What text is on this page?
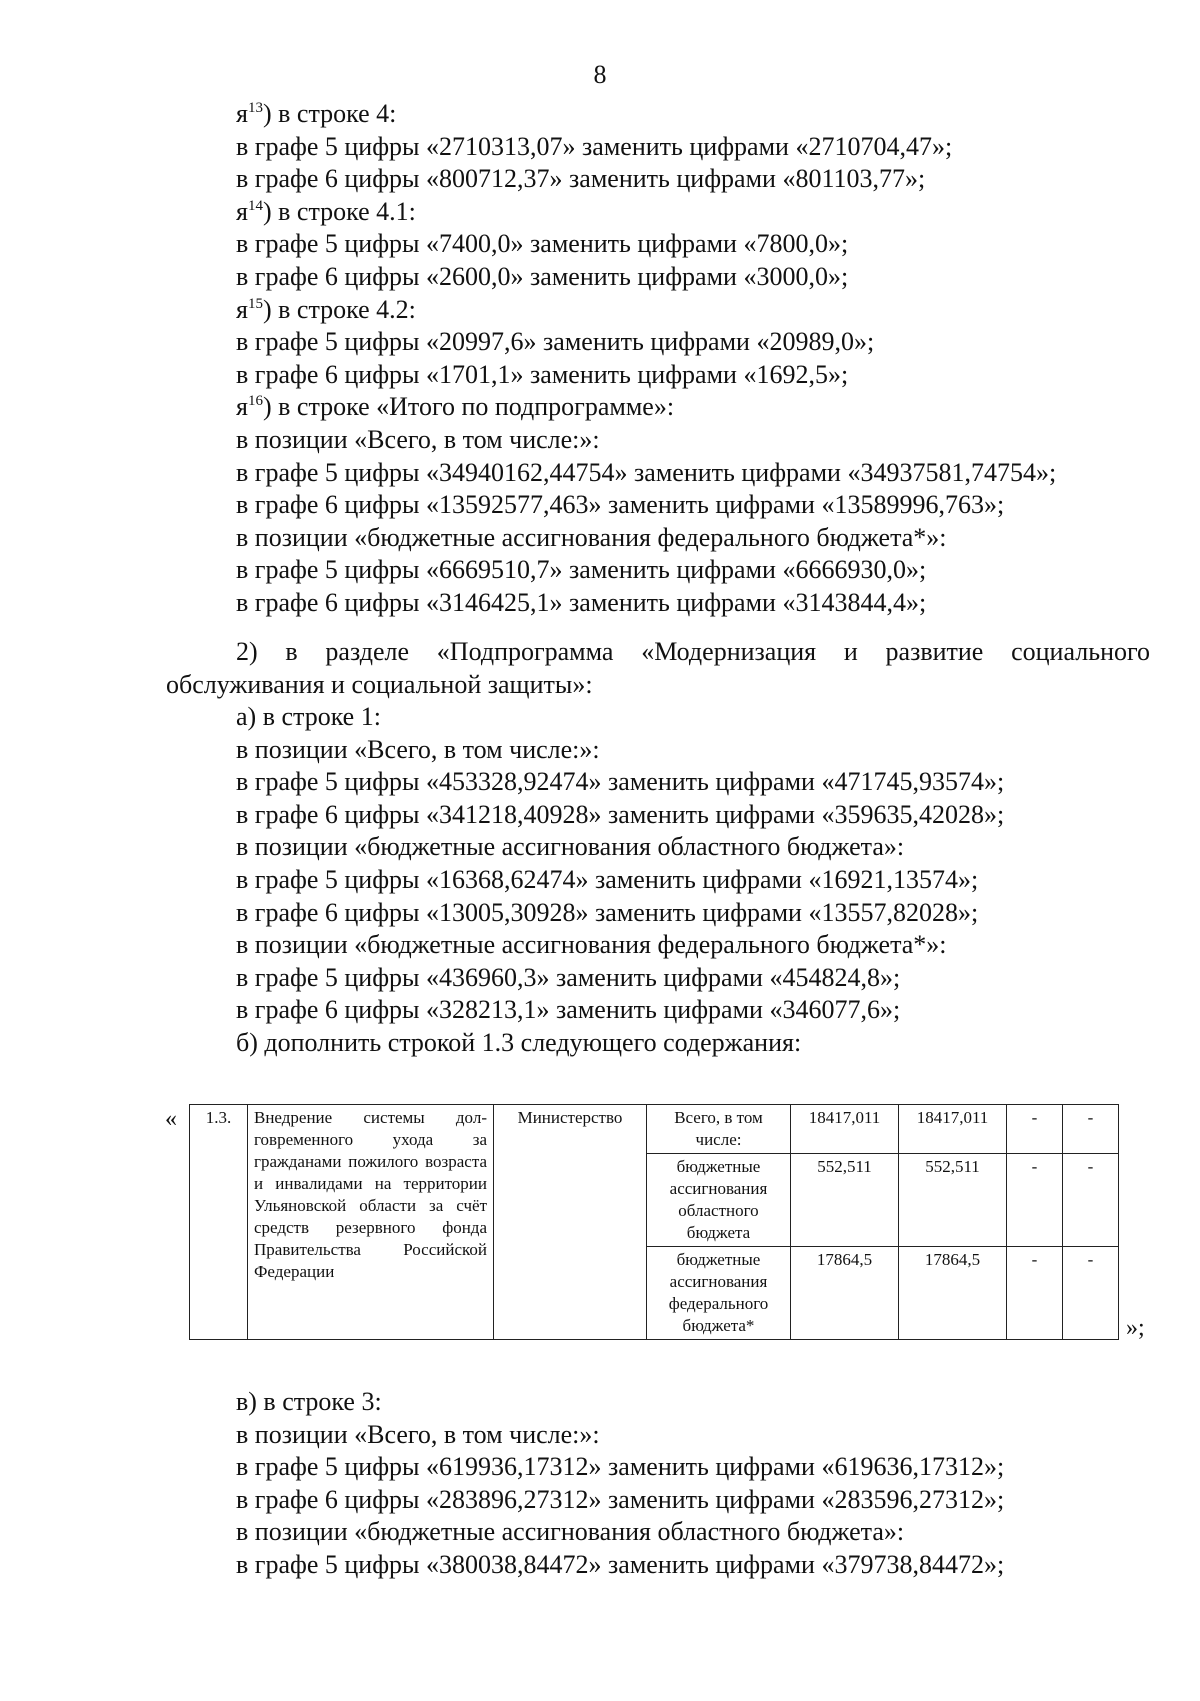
8
$я^{13}$) в строке 4:
в графе 5 цифры «2710313,07» заменить цифрами «2710704,47»;
в графе 6 цифры «800712,37» заменить цифрами «801103,77»;
$я^{14}$) в строке 4.1:
в графе 5 цифры «7400,0» заменить цифрами «7800,0»;
в графе 6 цифры «2600,0» заменить цифрами «3000,0»;
$я^{15}$) в строке 4.2:
в графе 5 цифры «20997,6» заменить цифрами «20989,0»;
в графе 6 цифры «1701,1» заменить цифрами «1692,5»;
$я^{16}$) в строке «Итого по подпрограмме»:
в позиции «Всего, в том числе:»:
в графе 5 цифры «34940162,44754» заменить цифрами «34937581,74754»;
в графе 6 цифры «13592577,463» заменить цифрами «13589996,763»;
в позиции «бюджетные ассигнования федерального бюджета*»:
в графе 5 цифры «6669510,7» заменить цифрами «6666930,0»;
в графе 6 цифры «3146425,1» заменить цифрами «3143844,4»;
2) в разделе «Подпрограмма «Модернизация и развитие социального
обслуживания и социальной защиты»:
а) в строке 1:
в позиции «Всего, в том числе:»:
в графе 5 цифры «453328,92474» заменить цифрами «471745,93574»;
в графе 6 цифры «341218,40928» заменить цифрами «359635,42028»;
в позиции «бюджетные ассигнования областного бюджета»:
в графе 5 цифры «16368,62474» заменить цифрами «16921,13574»;
в графе 6 цифры «13005,30928» заменить цифрами «13557,82028»;
в позиции «бюджетные ассигнования федерального бюджета*»:
в графе 5 цифры «436960,3» заменить цифрами «454824,8»;
в графе 6 цифры «328213,1» заменить цифрами «346077,6»;
б) дополнить строкой 1.3 следующего содержания:
« 1.3.	Внедрение системы долговременного ухода за гражданами пожилого возраста и инвалидами на территории Ульяновской области за счёт средств резервного фонда Правительства Российской Федерации	Министерство	Всего, в том числе:	18417,011	18417,011	-	-
			бюджетные ассигнования областного бюджета	552,511	552,511	-	-
			бюджетные ассигнования федерального бюджета*	17864,5	17864,5	-	-
»;
в) в строке 3:
в позиции «Всего, в том числе:»:
в графе 5 цифры «619936,17312» заменить цифрами «619636,17312»;
в графе 6 цифры «283896,27312» заменить цифрами «283596,27312»;
в позиции «бюджетные ассигнования областного бюджета»:
в графе 5 цифры «380038,84472» заменить цифрами «379738,84472»;
